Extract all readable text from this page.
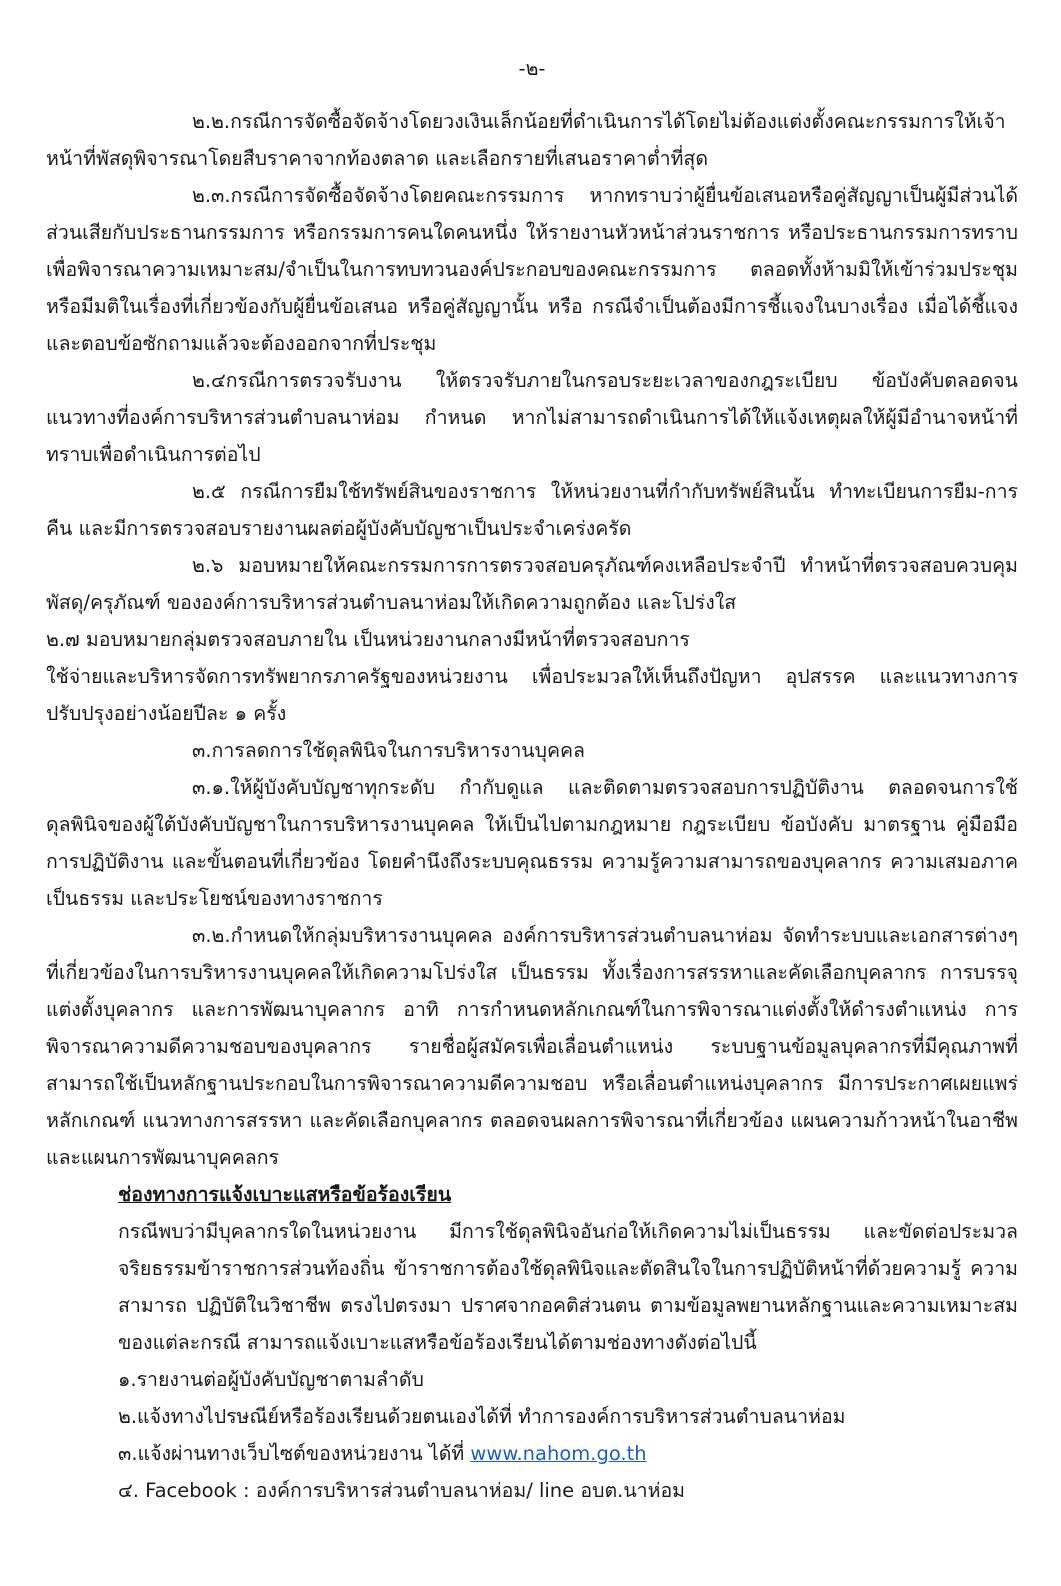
-๒-

๒.๒.กรณีการจัดซื้อจัดจ้างโดยวงเงินเล็กน้อยที่ดำเนินการได้โดยไม่ต้องแต่งตั้งคณะกรรมการให้เจ้าหน้าที่พัสดุพิจารณาโดยสืบราคาจากท้องตลาด และเลือกรายที่เสนอราคาต่ำที่สุด

๒.๓.กรณีการจัดซื้อจัดจ้างโดยคณะกรรมการ หากทราบว่าผู้ยื่นข้อเสนอหรือคู่สัญญาเป็นผู้มีส่วนได้ส่วนเสียกับประธานกรรมการ หรือกรรมการคนใดคนหนึ่ง ให้รายงานหัวหน้าส่วนราชการ หรือประธานกรรมการทราบเพื่อพิจารณาความเหมาะสม/จำเป็นในการทบทวนองค์ประกอบของคณะกรรมการ ตลอดทั้งห้ามมิให้เข้าร่วมประชุมหรือมีมติในเรื่องที่เกี่ยวข้องกับผู้ยื่นข้อเสนอ หรือคู่สัญญานั้น หรือ กรณีจำเป็นต้องมีการชี้แจงในบางเรื่อง เมื่อได้ชี้แจงและตอบข้อซักถามแล้วจะต้องออกจากที่ประชุม

๒.๔กรณีการตรวจรับงาน ให้ตรวจรับภายในกรอบระยะเวลาของกฎระเบียบ ข้อบังคับตลอดจนแนวทางที่องค์การบริหารส่วนตำบลนาห่อม กำหนด หากไม่สามารถดำเนินการได้ให้แจ้งเหตุผลให้ผู้มีอำนาจหน้าที่ทราบเพื่อดำเนินการต่อไป

๒.๕ กรณีการยืมใช้ทรัพย์สินของราชการ ให้หน่วยงานที่กำกับทรัพย์สินนั้น ทำทะเบียนการยืม-การคืน และมีการตรวจสอบรายงานผลต่อผู้บังคับบัญชาเป็นประจำเคร่งครัด

๒.๖ มอบหมายให้คณะกรรมการการตรวจสอบครุภัณฑ์คงเหลือประจำปี ทำหน้าที่ตรวจสอบควบคุมพัสดุ/ครุภัณฑ์ ขององค์การบริหารส่วนตำบลนาห่อมให้เกิดความถูกต้อง และโปร่งใส

๒.๗ มอบหมายกลุ่มตรวจสอบภายใน เป็นหน่วยงานกลางมีหน้าที่ตรวจสอบการ

ใช้จ่ายและบริหารจัดการทรัพยากรภาครัฐของหน่วยงาน เพื่อประมวลให้เห็นถึงปัญหา อุปสรรค และแนวทางการปรับปรุงอย่างน้อยปีละ ๑ ครั้ง

๓.การลดการใช้ดุลพินิจในการบริหารงานบุคคล

๓.๑.ให้ผู้บังคับบัญชาทุกระดับ กำกับดูแล และติดตามตรวจสอบการปฏิบัติงาน ตลอดจนการใช้ดุลพินิจของผู้ใต้บังคับบัญชาในการบริหารงานบุคคล ให้เป็นไปตามกฎหมาย กฎระเบียบ ข้อบังคับ มาตรฐาน คู่มือมือการปฏิบัติงาน และขั้นตอนที่เกี่ยวข้อง โดยคำนึงถึงระบบคุณธรรม ความรู้ความสามารถของบุคลากร ความเสมอภาค เป็นธรรม และประโยชน์ของทางราชการ

๓.๒.กำหนดให้กลุ่มบริหารงานบุคคล องค์การบริหารส่วนตำบลนาห่อม จัดทำระบบและเอกสารต่างๆที่เกี่ยวข้องในการบริหารงานบุคคลให้เกิดความโปร่งใส เป็นธรรม ทั้งเรื่องการสรรหาและคัดเลือกบุคลากร การบรรจุแต่งตั้งบุคลากร และการพัฒนาบุคลากร อาทิ การกำหนดหลักเกณฑ์ในการพิจารณาแต่งตั้งให้ดำรงตำแหน่ง การพิจารณาความดีความชอบของบุคลากร รายชื่อผู้สมัครเพื่อเลื่อนตำแหน่ง ระบบฐานข้อมูลบุคลากรที่มีคุณภาพที่สามารถใช้เป็นหลักฐานประกอบในการพิจารณาความดีความชอบ หรือเลื่อนตำแหน่งบุคลากร มีการประกาศเผยแพร่หลักเกณฑ์ แนวทางการสรรหา และคัดเลือกบุคลากร ตลอดจนผลการพิจารณาที่เกี่ยวข้อง แผนความก้าวหน้าในอาชีพ และแผนการพัฒนาบุคคลกร

ช่องทางการแจ้งเบาะแสหรือข้อร้องเรียน

กรณีพบว่ามีบุคลากรใดในหน่วยงาน มีการใช้ดุลพินิจอันก่อให้เกิดความไม่เป็นธรรม และขัดต่อประมวลจริยธรรมข้าราชการส่วนท้องถิ่น ข้าราชการต้องใช้ดุลพินิจและตัดสินใจในการปฏิบัติหน้าที่ด้วยความรู้ ความสามารถ ปฏิบัติในวิชาชีพ ตรงไปตรงมา ปราศจากอคติส่วนตน ตามข้อมูลพยานหลักฐานและความเหมาะสมของแต่ละกรณี สามารถแจ้งเบาะแสหรือข้อร้องเรียนได้ตามช่องทางดังต่อไปนี้

๑.รายงานต่อผู้บังคับบัญชาตามลำดับ

๒.แจ้งทางไปรษณีย์หรือร้องเรียนด้วยตนเองได้ที่ ทำการองค์การบริหารส่วนตำบลนาห่อม

๓.แจ้งผ่านทางเว็บไซต์ของหน่วยงาน ได้ที่ www.nahom.go.th

๔. Facebook : องค์การบริหารส่วนตำบลนาห่อม/ line อบต.นาห่อม
